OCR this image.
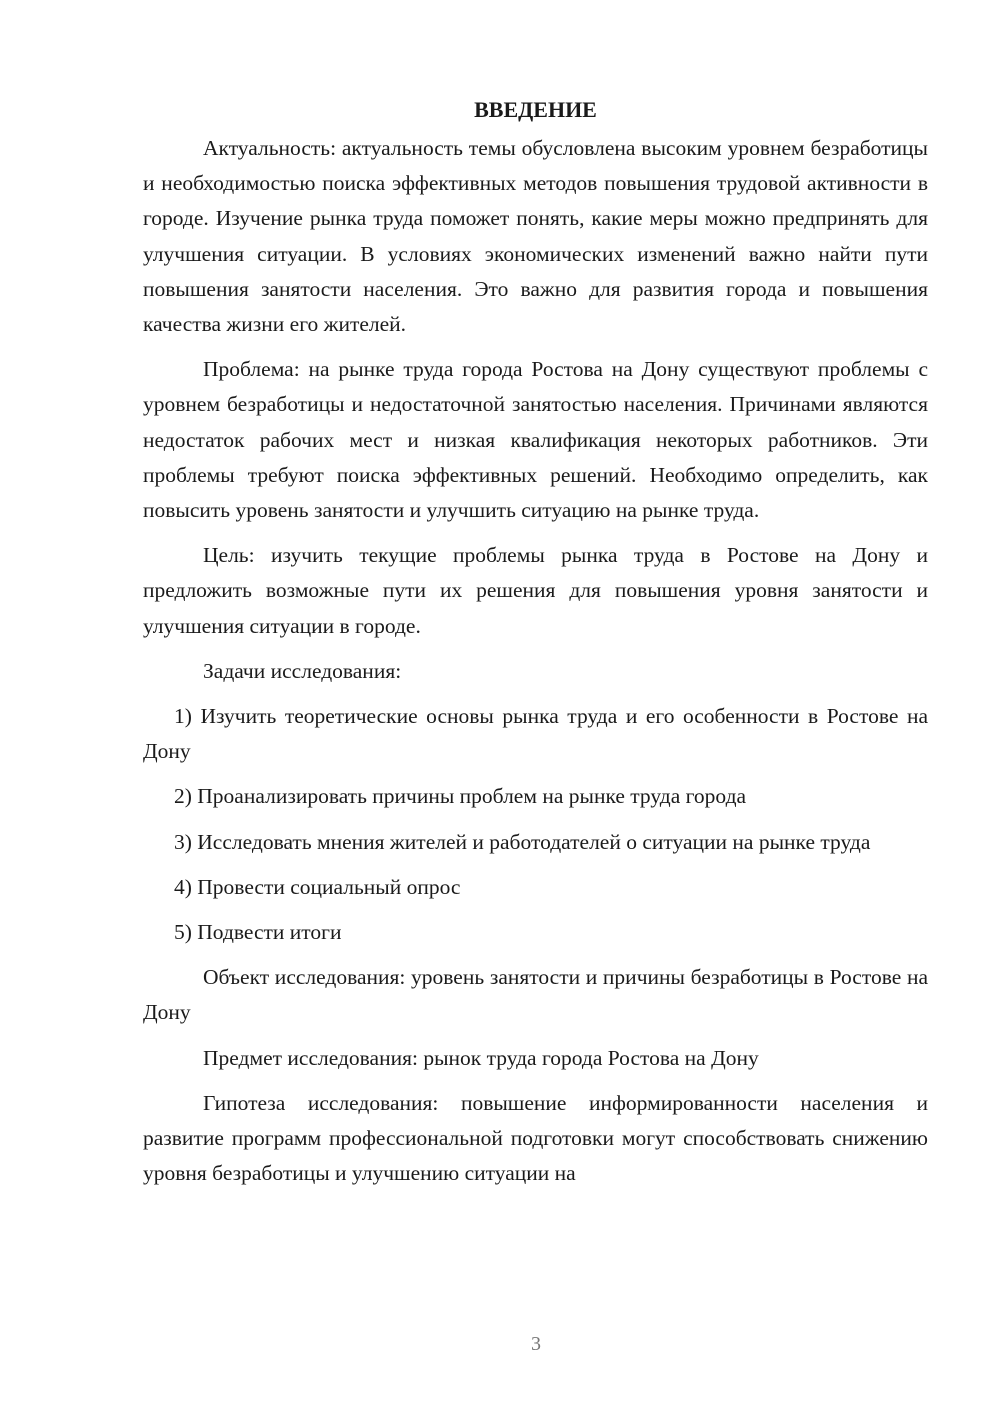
ВВЕДЕНИЕ

Актуальность: актуальность темы обусловлена высоким уровнем безработицы и необходимостью поиска эффективных методов повышения трудовой активности в городе. Изучение рынка труда поможет понять, какие меры можно предпринять для улучшения ситуации. В условиях экономических изменений важно найти пути повышения занятости населения. Это важно для развития города и повышения качества жизни его жителей.

Проблема: на рынке труда города Ростова на Дону существуют проблемы с уровнем безработицы и недостаточной занятостью населения. Причинами являются недостаток рабочих мест и низкая квалификация некоторых работников. Эти проблемы требуют поиска эффективных решений. Необходимо определить, как повысить уровень занятости и улучшить ситуацию на рынке труда.

Цель: изучить текущие проблемы рынка труда в Ростове на Дону и предложить возможные пути их решения для повышения уровня занятости и улучшения ситуации в городе.

Задачи исследования:

1) Изучить теоретические основы рынка труда и его особенности в Ростове на Дону

2) Проанализировать причины проблем на рынке труда города

3) Исследовать мнения жителей и работодателей о ситуации на рынке труда

4) Провести социальный опрос

5) Подвести итоги

Объект исследования: уровень занятости и причины безработицы в Ростове на Дону

Предмет исследования: рынок труда города Ростова на Дону

Гипотеза исследования: повышение информированности населения и развитие программ профессиональной подготовки могут способствовать снижению уровня безработицы и улучшению ситуации на

3
